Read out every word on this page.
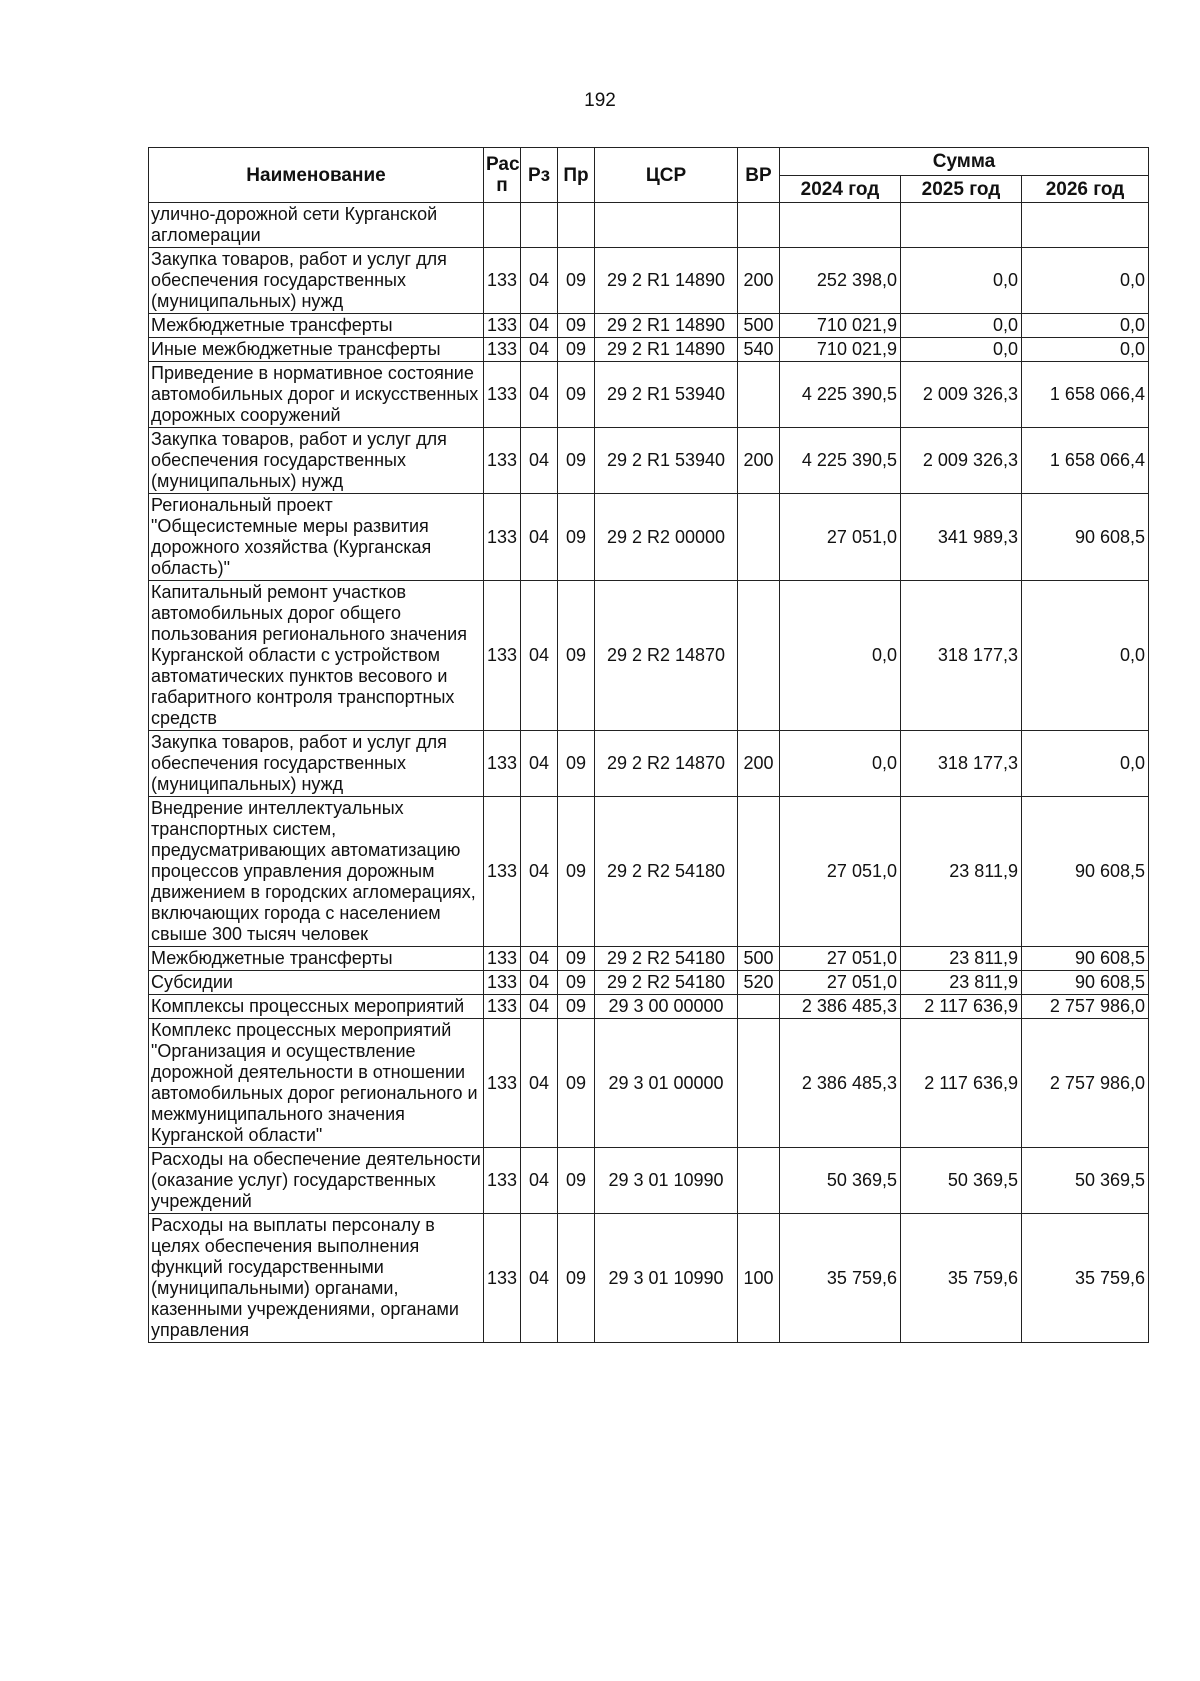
192
Наименование	Рас п	Рз	Пр	ЦСР	ВР	Сумма		
						2024 год	2025 год	2026 год
улично-дорожной сети Курганской агломерации								
Закупка товаров, работ и услуг для обеспечения государственных (муниципальных) нужд	133	04	09	29 2 R1 14890	200	252 398,0	0,0	0,0
Межбюджетные трансферты	133	04	09	29 2 R1 14890	500	710 021,9	0,0	0,0
Иные межбюджетные трансферты	133	04	09	29 2 R1 14890	540	710 021,9	0,0	0,0
Приведение в нормативное состояние автомобильных дорог и искусственных дорожных сооружений	133	04	09	29 2 R1 53940		4 225 390,5	2 009 326,3	1 658 066,4
Закупка товаров, работ и услуг для обеспечения государственных (муниципальных) нужд	133	04	09	29 2 R1 53940	200	4 225 390,5	2 009 326,3	1 658 066,4
Региональный проект "Общесистемные меры развития дорожного хозяйства (Курганская область)"	133	04	09	29 2 R2 00000		27 051,0	341 989,3	90 608,5
Капитальный ремонт участков автомобильных дорог общего пользования регионального значения Курганской области с устройством автоматических пунктов весового и габаритного контроля транспортных средств	133	04	09	29 2 R2 14870		0,0	318 177,3	0,0
Закупка товаров, работ и услуг для обеспечения государственных (муниципальных) нужд	133	04	09	29 2 R2 14870	200	0,0	318 177,3	0,0
Внедрение интеллектуальных транспортных систем, предусматривающих автоматизацию процессов управления дорожным движением в городских агломерациях, включающих города с населением свыше 300 тысяч человек	133	04	09	29 2 R2 54180		27 051,0	23 811,9	90 608,5
Межбюджетные трансферты	133	04	09	29 2 R2 54180	500	27 051,0	23 811,9	90 608,5
Субсидии	133	04	09	29 2 R2 54180	520	27 051,0	23 811,9	90 608,5
Комплексы процессных мероприятий	133	04	09	29 3 00 00000		2 386 485,3	2 117 636,9	2 757 986,0
Комплекс процессных мероприятий "Организация и осуществление дорожной деятельности в отношении автомобильных дорог регионального и межмуниципального значения Курганской области"	133	04	09	29 3 01 00000		2 386 485,3	2 117 636,9	2 757 986,0
Расходы на обеспечение деятельности (оказание услуг) государственных учреждений	133	04	09	29 3 01 10990		50 369,5	50 369,5	50 369,5
Расходы на выплаты персоналу в целях обеспечения выполнения функций государственными (муниципальными) органами, казенными учреждениями, органами управления	133	04	09	29 3 01 10990	100	35 759,6	35 759,6	35 759,6
